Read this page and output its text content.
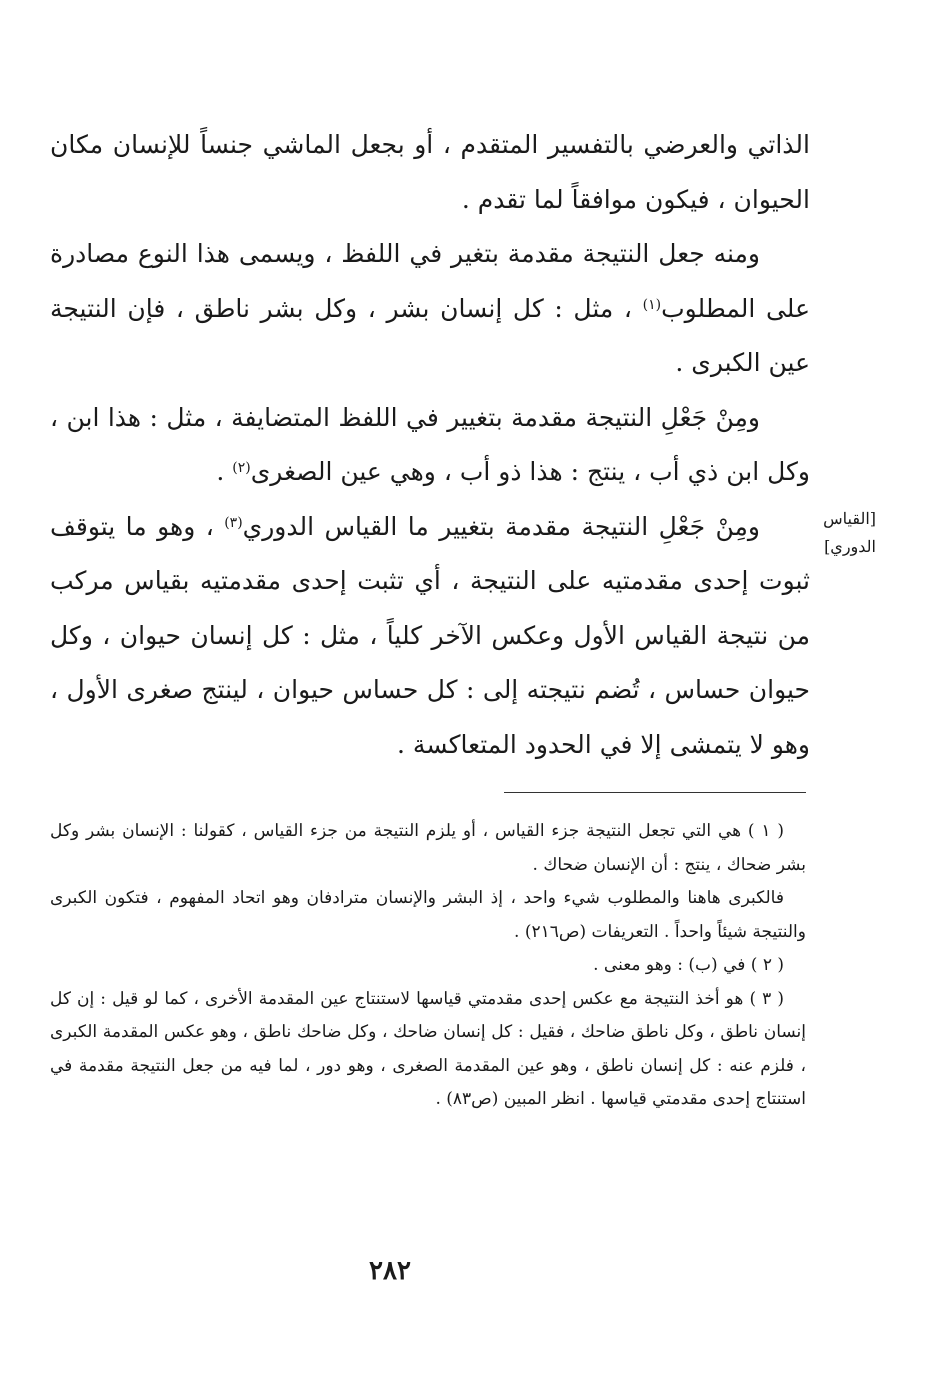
الذاتي والعرضي بالتفسير المتقدم ، أو بجعل الماشي جنساً للإنسان مكان الحيوان ، فيكون موافقاً لما تقدم .

ومنه جعل النتيجة مقدمة بتغير في اللفظ ، ويسمى هذا النوع مصادرة على المطلوب$^{(١)}$ ، مثل : كل إنسان بشر ، وكل بشر ناطق ، فإن النتيجة عين الكبرى .

ومِنْ جَعْلِ النتيجة مقدمة بتغيير في اللفظ المتضايفة ، مثل : هذا ابن ، وكل ابن ذي أب ، ينتج : هذا ذو أب ، وهي عين الصغرى$^{(٢)}$ .

ومِنْ جَعْلِ النتيجة مقدمة بتغيير ما القياس الدوري$^{(٣)}$ ، وهو ما يتوقف ثبوت إحدى مقدمتيه على النتيجة ، أي تثبت إحدى مقدمتيه بقياس مركب من نتيجة القياس الأول وعكس الآخر كلياً ، مثل : كل إنسان حيوان ، وكل حيوان حساس ، تُضم نتيجته إلى : كل حساس حيوان ، لينتج صغرى الأول ، وهو لا يتمشى إلا في الحدود المتعاكسة .

[القياس
الدوري]

( ١ ) هي التي تجعل النتيجة جزء القياس ، أو يلزم النتيجة من جزء القياس ، كقولنا : الإنسان بشر وكل بشر ضحاك ، ينتج : أن الإنسان ضحاك .

فالكبرى هاهنا والمطلوب شيء واحد ، إذ البشر والإنسان مترادفان وهو اتحاد المفهوم ، فتكون الكبرى والنتيجة شيئاً واحداً . التعريفات (ص٢١٦) .

( ٢ ) في (ب) : وهو معنى .

( ٣ ) هو أخذ النتيجة مع عكس إحدى مقدمتي قياسها لاستنتاج عين المقدمة الأخرى ، كما لو قيل : إن كل إنسان ناطق ، وكل ناطق ضاحك ، فقيل : كل إنسان ضاحك ، وكل ضاحك ناطق ، وهو عكس المقدمة الكبرى ، فلزم عنه : كل إنسان ناطق ، وهو عين المقدمة الصغرى ، وهو دور ، لما فيه من جعل النتيجة مقدمة في استنتاج إحدى مقدمتي قياسها . انظر المبين (ص٨٣) .

٢٨٢
